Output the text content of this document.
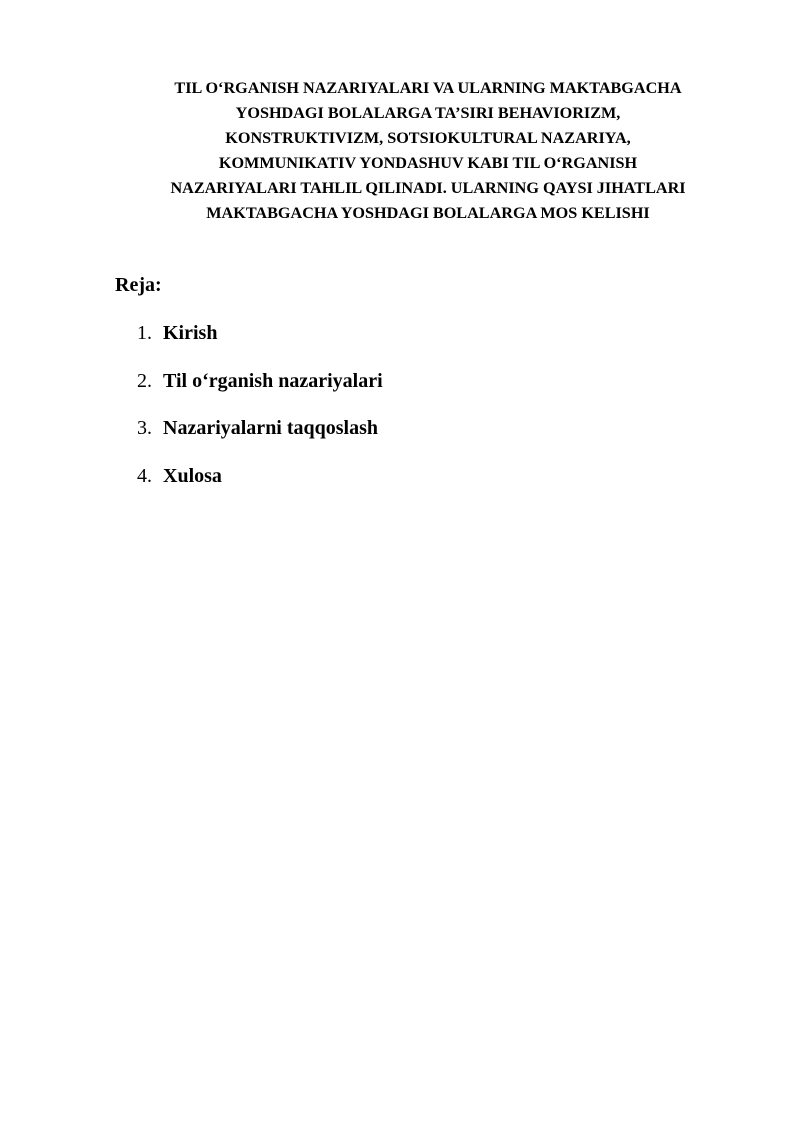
TIL O‘RGANISH NAZARIYALARI VA ULARNING MAKTABGACHA

YOSHDAGI BOLALARGA TA’SIRI BEHAVIORIZM,

KONSTRUKTIVIZM, SOTSIOKULTURAL NAZARIYA,

KOMMUNIKATIV YONDASHUV KABI TIL O‘RGANISH

NAZARIYALARI TAHLIL QILINADI. ULARNING QAYSI JIHATLARI

MAKTABGACHA YOSHDAGI BOLALARGA MOS KELISHI

Reja:

1. Kirish
2. Til o‘rganish nazariyalari
3. Nazariyalarni taqqoslash
4. Xulosa
